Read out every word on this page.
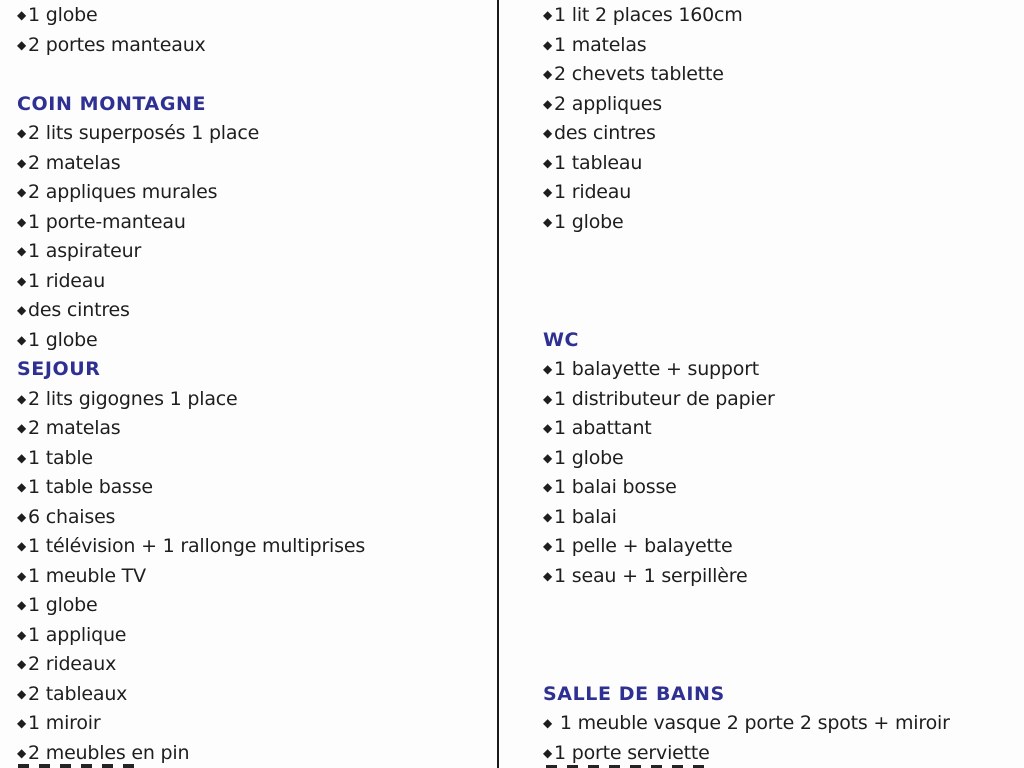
◆ 1 globe
◆ 2 portes manteaux
COIN MONTAGNE
◆ 2 lits superposés 1 place
◆ 2 matelas
◆ 2 appliques murales
◆ 1 porte-manteau
◆ 1 aspirateur
◆ 1 rideau
◆ des cintres
◆ 1 globe
SEJOUR
◆ 2 lits gigognes 1 place
◆ 2 matelas
◆ 1 table
◆ 1 table basse
◆ 6 chaises
◆ 1 télévision + 1 rallonge multiprises
◆ 1 meuble TV
◆ 1 globe
◆ 1 applique
◆ 2 rideaux
◆ 2 tableaux
◆ 1 miroir
◆ 2 meubles en pin
◆ 1 lit 2 places 160cm
◆ 1 matelas
◆ 2 chevets tablette
◆ 2 appliques
◆ des cintres
◆ 1 tableau
◆ 1 rideau
◆ 1 globe
WC
◆ 1 balayette + support
◆ 1 distributeur de papier
◆ 1 abattant
◆ 1 globe
◆ 1 balai bosse
◆ 1 balai
◆ 1 pelle + balayette
◆ 1 seau + 1 serpillère
SALLE DE BAINS
◆ 1 meuble vasque 2 porte 2 spots + miroir
◆ 1 porte serviette
